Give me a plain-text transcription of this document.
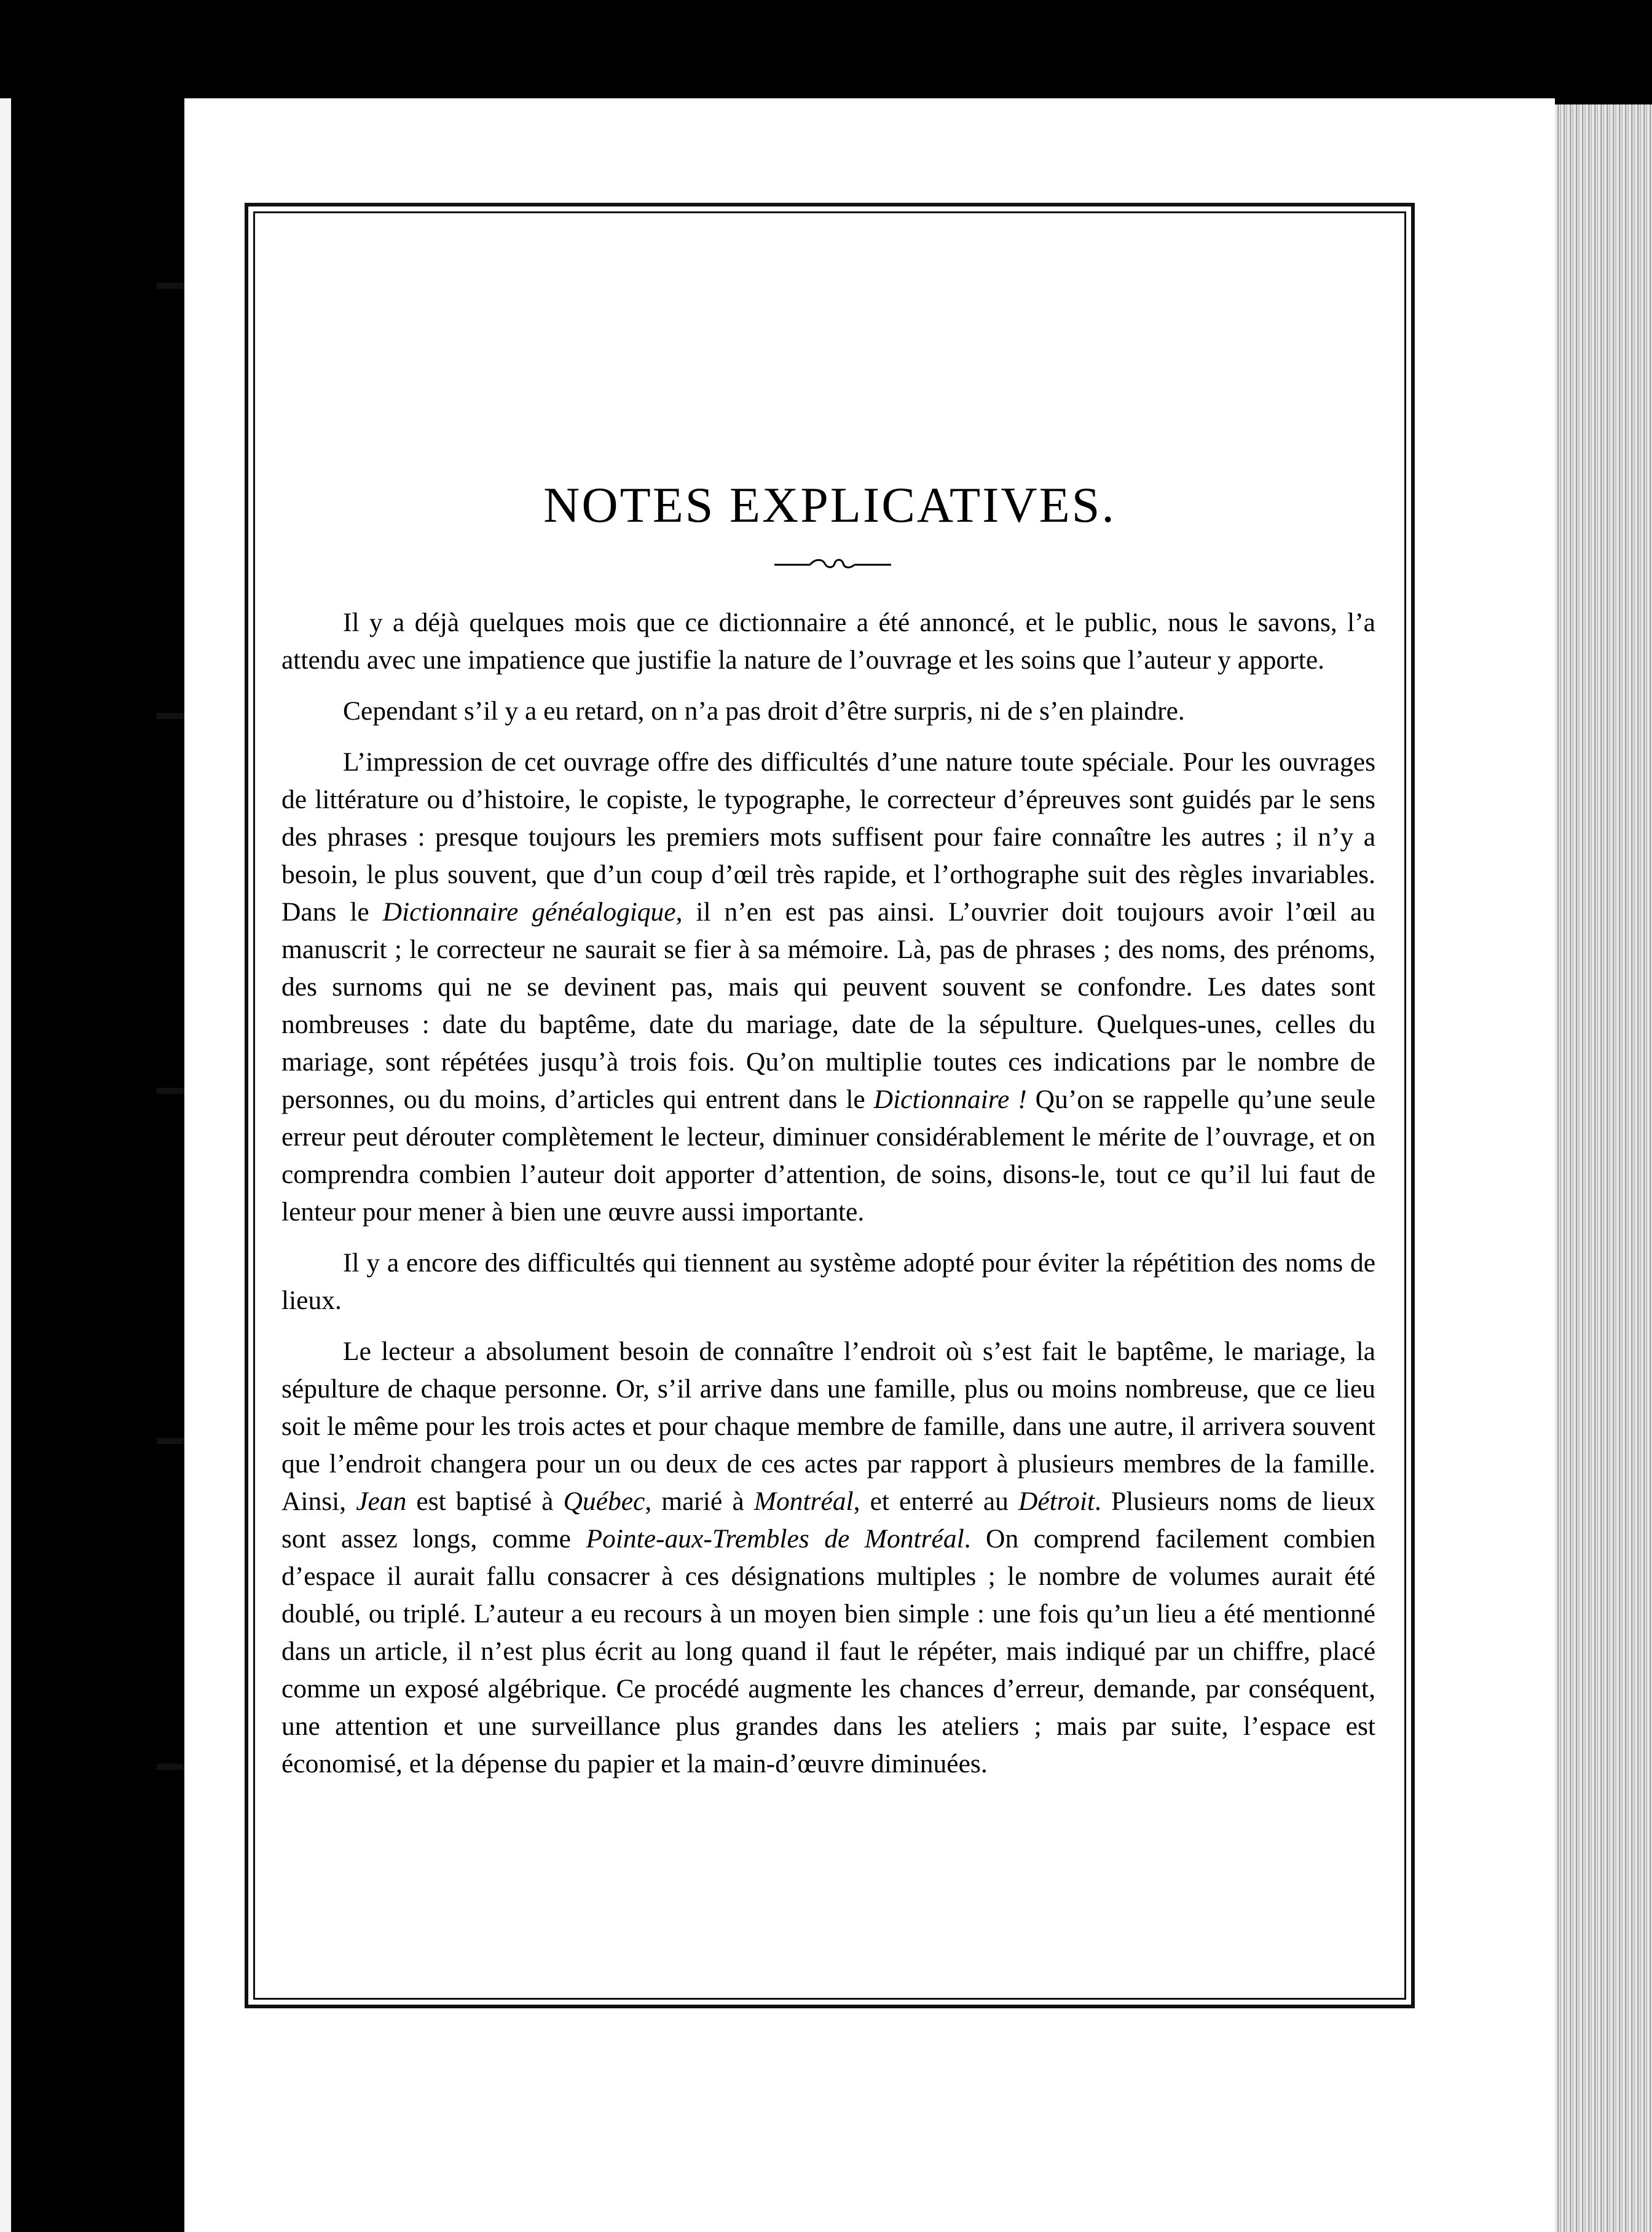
NOTES EXPLICATIVES.

Il y a déjà quelques mois que ce dictionnaire a été annoncé, et le public, nous le savons, l’a attendu avec une impatience que justifie la nature de l’ouvrage et les soins que l’auteur y apporte.

Cependant s’il y a eu retard, on n’a pas droit d’être surpris, ni de s’en plaindre.

L’impression de cet ouvrage offre des difficultés d’une nature toute spéciale. Pour les ouvrages de littérature ou d’histoire, le copiste, le typographe, le correcteur d’épreuves sont guidés par le sens des phrases : presque toujours les premiers mots suffisent pour faire connaître les autres ; il n’y a besoin, le plus souvent, que d’un coup d’œil très rapide, et l’orthographe suit des règles invariables. Dans le Dictionnaire généalogique, il n’en est pas ainsi. L’ouvrier doit toujours avoir l’œil au manuscrit ; le correcteur ne saurait se fier à sa mémoire. Là, pas de phrases ; des noms, des prénoms, des surnoms qui ne se devinent pas, mais qui peuvent souvent se confondre. Les dates sont nombreuses : date du baptême, date du mariage, date de la sépulture. Quelques-unes, celles du mariage, sont répétées jusqu’à trois fois. Qu’on multiplie toutes ces indications par le nombre de personnes, ou du moins, d’articles qui entrent dans le Dictionnaire ! Qu’on se rappelle qu’une seule erreur peut dérouter complètement le lecteur, diminuer considérablement le mérite de l’ouvrage, et on comprendra combien l’auteur doit apporter d’attention, de soins, disons-le, tout ce qu’il lui faut de lenteur pour mener à bien une œuvre aussi importante.

Il y a encore des difficultés qui tiennent au système adopté pour éviter la répétition des noms de lieux.

Le lecteur a absolument besoin de connaître l’endroit où s’est fait le baptême, le mariage, la sépulture de chaque personne. Or, s’il arrive dans une famille, plus ou moins nombreuse, que ce lieu soit le même pour les trois actes et pour chaque membre de famille, dans une autre, il arrivera souvent que l’endroit changera pour un ou deux de ces actes par rapport à plusieurs membres de la famille. Ainsi, Jean est baptisé à Québec, marié à Montréal, et enterré au Détroit. Plusieurs noms de lieux sont assez longs, comme Pointe-aux-Trembles de Montréal. On comprend facilement combien d’espace il aurait fallu consacrer à ces désignations multiples ; le nombre de volumes aurait été doublé, ou triplé. L’auteur a eu recours à un moyen bien simple : une fois qu’un lieu a été mentionné dans un article, il n’est plus écrit au long quand il faut le répéter, mais indiqué par un chiffre, placé comme un exposé algébrique. Ce procédé augmente les chances d’erreur, demande, par conséquent, une attention et une surveillance plus grandes dans les ateliers ; mais par suite, l’espace est économisé, et la dépense du papier et la main-d’œuvre diminuées.
